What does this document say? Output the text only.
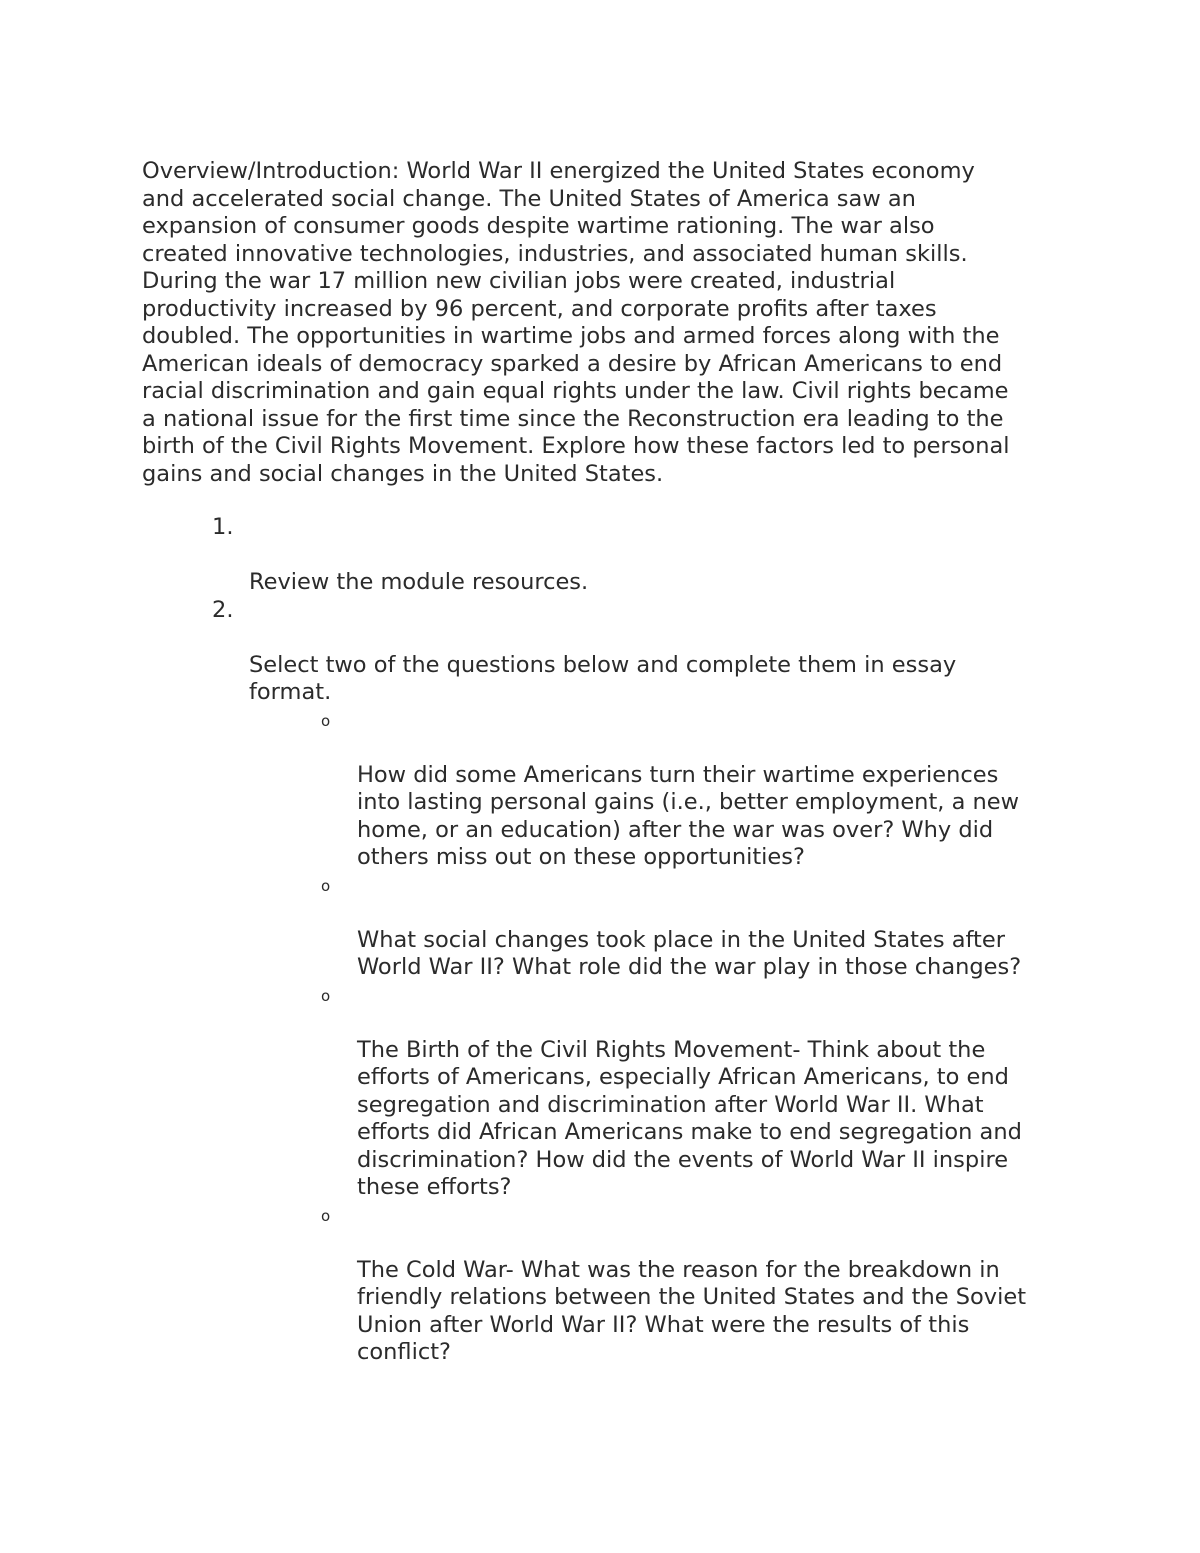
Overview/Introduction: World War II energized the United States economy
and accelerated social change. The United States of America saw an
expansion of consumer goods despite wartime rationing. The war also
created innovative technologies, industries, and associated human skills.
During the war 17 million new civilian jobs were created, industrial
productivity increased by 96 percent, and corporate profits after taxes
doubled. The opportunities in wartime jobs and armed forces along with the
American ideals of democracy sparked a desire by African Americans to end
racial discrimination and gain equal rights under the law. Civil rights became
a national issue for the first time since the Reconstruction era leading to the
birth of the Civil Rights Movement. Explore how these factors led to personal
gains and social changes in the United States.

1.

Review the module resources.

2.

Select two of the questions below and complete them in essay
format.

o

How did some Americans turn their wartime experiences
into lasting personal gains (i.e., better employment, a new
home, or an education) after the war was over? Why did
others miss out on these opportunities?

o

What social changes took place in the United States after
World War II? What role did the war play in those changes?

o

The Birth of the Civil Rights Movement- Think about the
efforts of Americans, especially African Americans, to end
segregation and discrimination after World War II. What
efforts did African Americans make to end segregation and
discrimination? How did the events of World War II inspire
these efforts?

o

The Cold War- What was the reason for the breakdown in
friendly relations between the United States and the Soviet
Union after World War II? What were the results of this
conflict?
